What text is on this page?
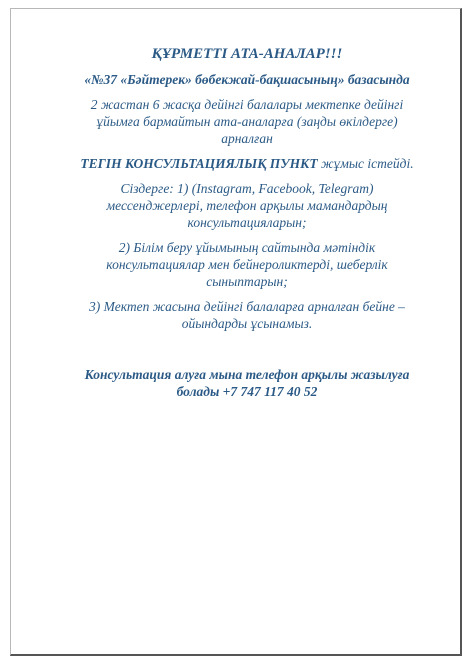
ҚҰРМЕТТІ АТА-АНАЛАР!!!
«№37 «Бәйтерек» бөбекжай-бақшасының» базасында
2 жастан 6 жасқа дейінгі балалары мектепке дейінгі
ұйымға бармайтын ата-аналарға (заңды өкілдерге)
арналған
ТЕГІН КОНСУЛЬТАЦИЯЛЫҚ ПУНКТ жұмыс істейді.
Сіздерге: 1) (Instagram, Facebook, Telegram)
мессенджерлері, телефон арқылы мамандардың
консультацияларын;
2) Білім беру ұйымының сайтында мәтіндік
консультациялар мен бейнероликтерді, шеберлік
сыныптарын;
3) Мектеп жасына дейінгі балаларға арналған бейне –
ойындарды ұсынамыз.
Консультация алуға мына телефон арқылы жазылуға
болады +7 747 117 40 52
